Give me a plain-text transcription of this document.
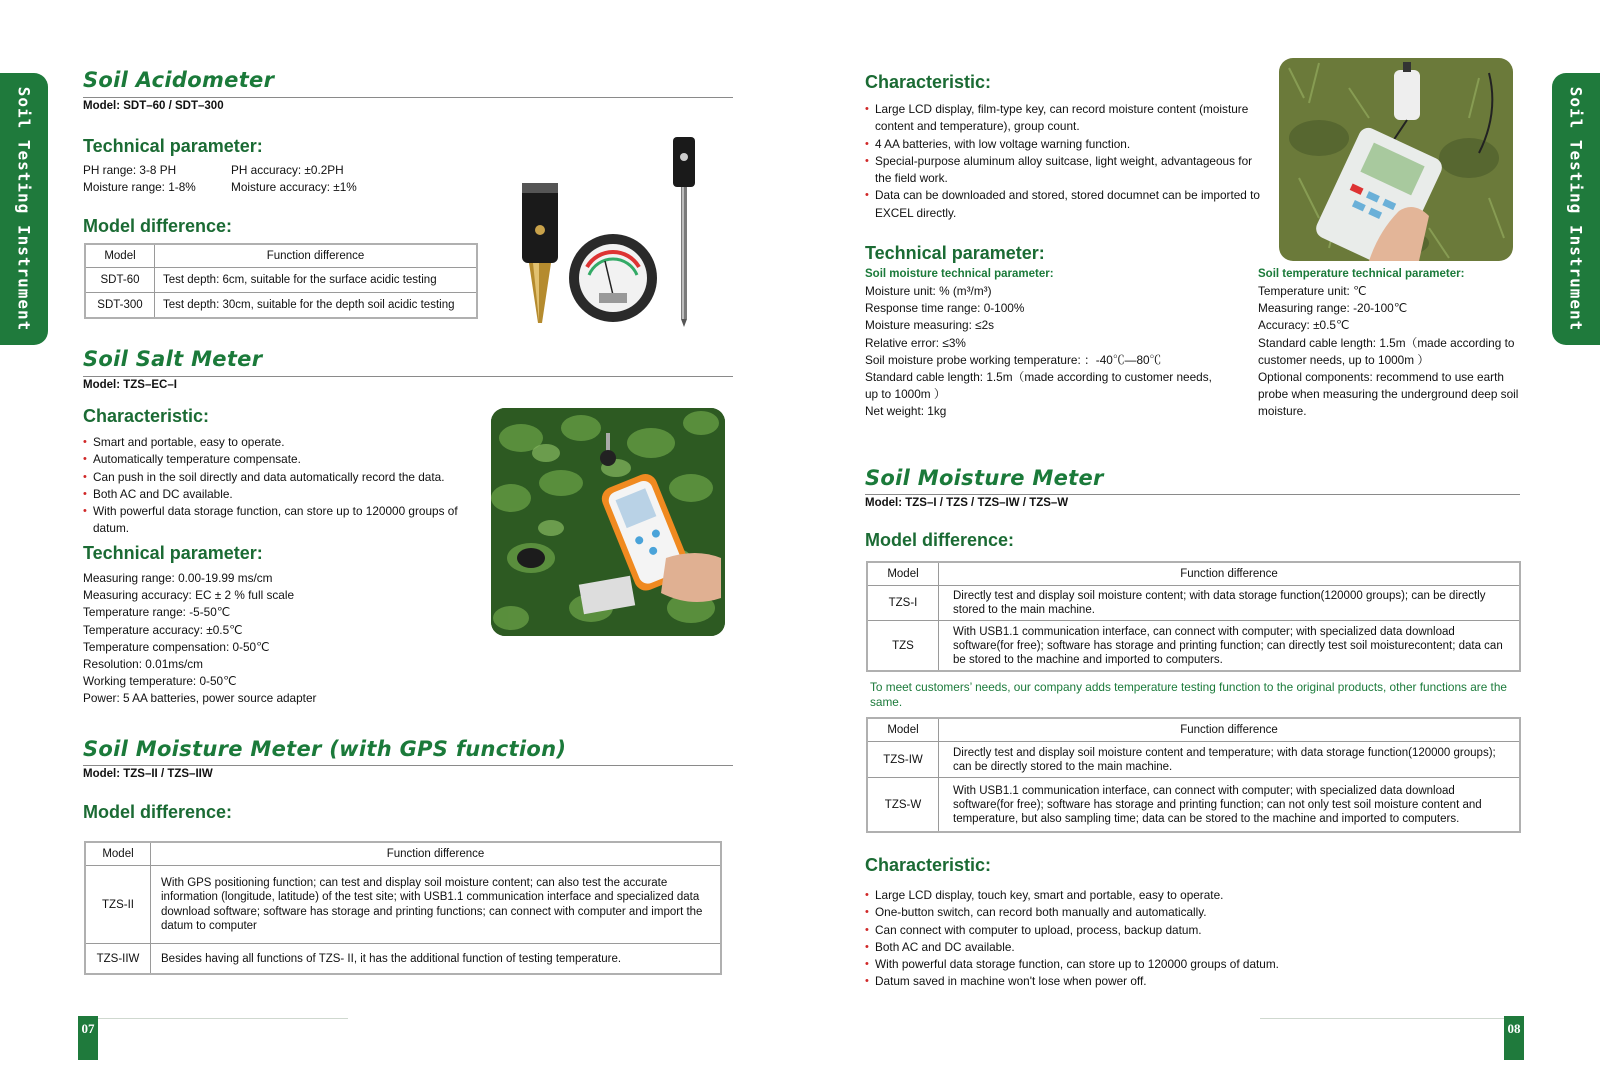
Soil Testing Instrument
Soil Acidometer
Model: SDT–60 / SDT–300
Technical parameter:
PH range: 3-8 PH	PH accuracy: ±0.2PH
Moisture range: 1-8%	Moisture accuracy: ±1%
Model difference:
Model	Function difference
SDT-60	Test depth: 6cm, suitable for the surface acidic testing
SDT-300	Test depth: 30cm, suitable for the depth soil acidic testing
Soil Salt Meter
Model: TZS–EC–I
Characteristic:
• Smart and portable, easy to operate.
• Automatically temperature compensate.
• Can push in the soil directly and data automatically record the data.
• Both AC and DC available.
• With powerful data storage function, can store up to 120000 groups of datum.
Technical parameter:
Measuring range: 0.00-19.99 ms/cm
Measuring accuracy: EC ± 2 % full scale
Temperature range: -5-50℃
Temperature accuracy: ±0.5℃
Temperature compensation: 0-50℃
Resolution: 0.01ms/cm
Working temperature: 0-50℃
Power: 5 AA batteries, power source adapter
Soil Moisture Meter (with GPS function)
Model: TZS–II / TZS–IIW
Model difference:
Model	Function difference
TZS-II	With GPS positioning function; can test and display soil moisture content; can also test the accurate information (longitude, latitude) of the test site; with USB1.1 communication interface and specialized data download software; software has storage and printing functions; can connect with computer and import the datum to computer
TZS-IIW	Besides having all functions of TZS- II, it has the additional function of testing temperature.
07
Soil Testing Instrument
Characteristic:
• Large LCD display, film-type key, can record moisture content (moisture content and temperature), group count.
• 4 AA batteries, with low voltage warning function.
• Special-purpose aluminum alloy suitcase, light weight, advantageous for the field work.
• Data can be downloaded and stored, stored documnet can be imported to EXCEL directly.
Technical parameter:
Soil moisture technical parameter:
Moisture unit: % (m³/m³)
Response time range: 0-100%
Moisture measuring: ≤2s
Relative error: ≤3%
Soil moisture probe working temperature: ：-40℃—80℃
Standard cable length: 1.5m（made according to customer needs, up to 1000m ）
Net weight: 1kg
Soil temperature technical parameter:
Temperature unit: ℃
Measuring range: -20-100℃
Accuracy: ±0.5℃
Standard cable length: 1.5m（made according to customer needs, up to 1000m ）
Optional components: recommend to use earth probe when measuring the underground deep soil moisture.
Soil Moisture Meter
Model: TZS–I / TZS / TZS–IW / TZS–W
Model difference:
Model	Function difference
TZS-I	Directly test and display soil moisture content; with data storage function(120000 groups); can be directly stored to the main machine.
TZS	With USB1.1 communication interface, can connect with computer; with specialized data download software(for free); software has storage and printing function; can directly test soil moisturecontent; data can be stored to the machine and imported to computers.
To meet customers’ needs, our company adds temperature testing function to the original products, other functions are the same.
Model	Function difference
TZS-IW	Directly test and display soil moisture content and temperature; with data storage function(120000 groups); can be directly stored to the main machine.
TZS-W	With USB1.1 communication interface, can connect with computer; with specialized data download software(for free); software has storage and printing function; can not only test soil moisture content and temperature, but also sampling time; data can be stored to the machine and imported to computers.
Characteristic:
• Large LCD display, touch key, smart and portable, easy to operate.
• One-button switch, can record both manually and automatically.
• Can connect with computer to upload, process, backup datum.
• Both AC and DC available.
• With powerful data storage function, can store up to 120000 groups of datum.
• Datum saved in machine won't lose when power off.
08
